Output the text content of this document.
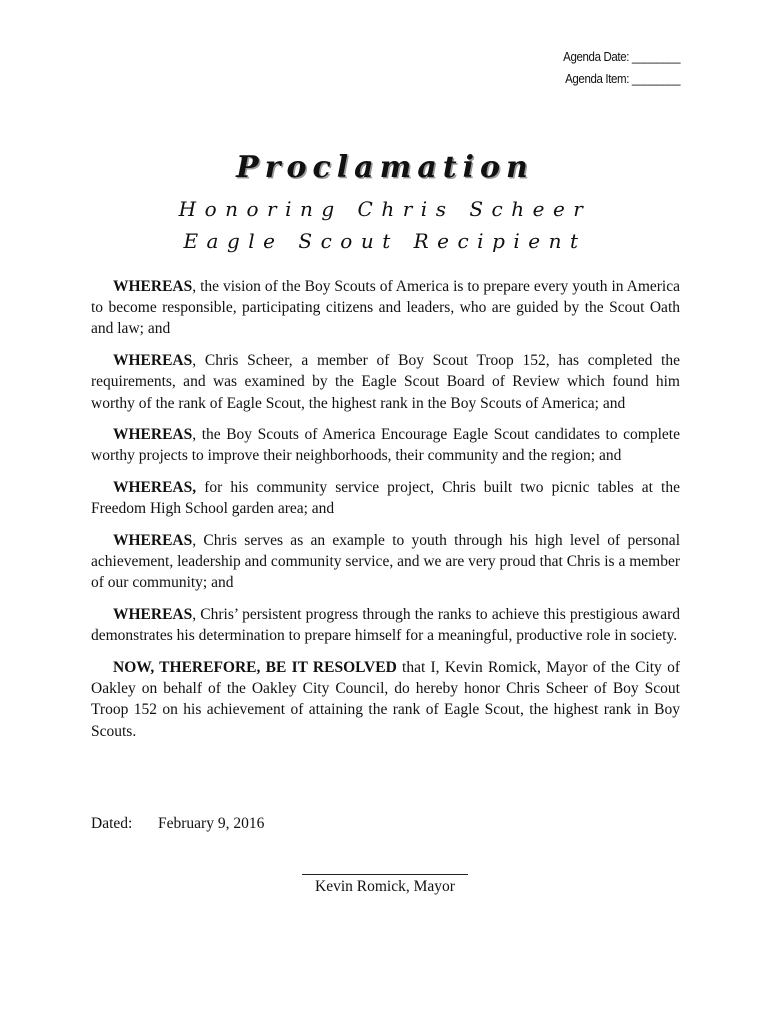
Agenda Date: ________
Agenda Item: ________
Proclamation
Honoring Chris Scheer
Eagle Scout Recipient

WHEREAS, the vision of the Boy Scouts of America is to prepare every youth in America to become responsible, participating citizens and leaders, who are guided by the Scout Oath and law; and

WHEREAS, Chris Scheer, a member of Boy Scout Troop 152, has completed the requirements, and was examined by the Eagle Scout Board of Review which found him worthy of the rank of Eagle Scout, the highest rank in the Boy Scouts of America; and

WHEREAS, the Boy Scouts of America Encourage Eagle Scout candidates to complete worthy projects to improve their neighborhoods, their community and the region; and

WHEREAS, for his community service project, Chris built two picnic tables at the Freedom High School garden area; and

WHEREAS, Chris serves as an example to youth through his high level of personal achievement, leadership and community service, and we are very proud that Chris is a member of our community; and

WHEREAS, Chris’ persistent progress through the ranks to achieve this prestigious award demonstrates his determination to prepare himself for a meaningful, productive role in society.

NOW, THEREFORE, BE IT RESOLVED that I, Kevin Romick, Mayor of the City of Oakley on behalf of the Oakley City Council, do hereby honor Chris Scheer of Boy Scout Troop 152 on his achievement of attaining the rank of Eagle Scout, the highest rank in Boy Scouts.

Dated: February 9, 2016
Kevin Romick, Mayor
